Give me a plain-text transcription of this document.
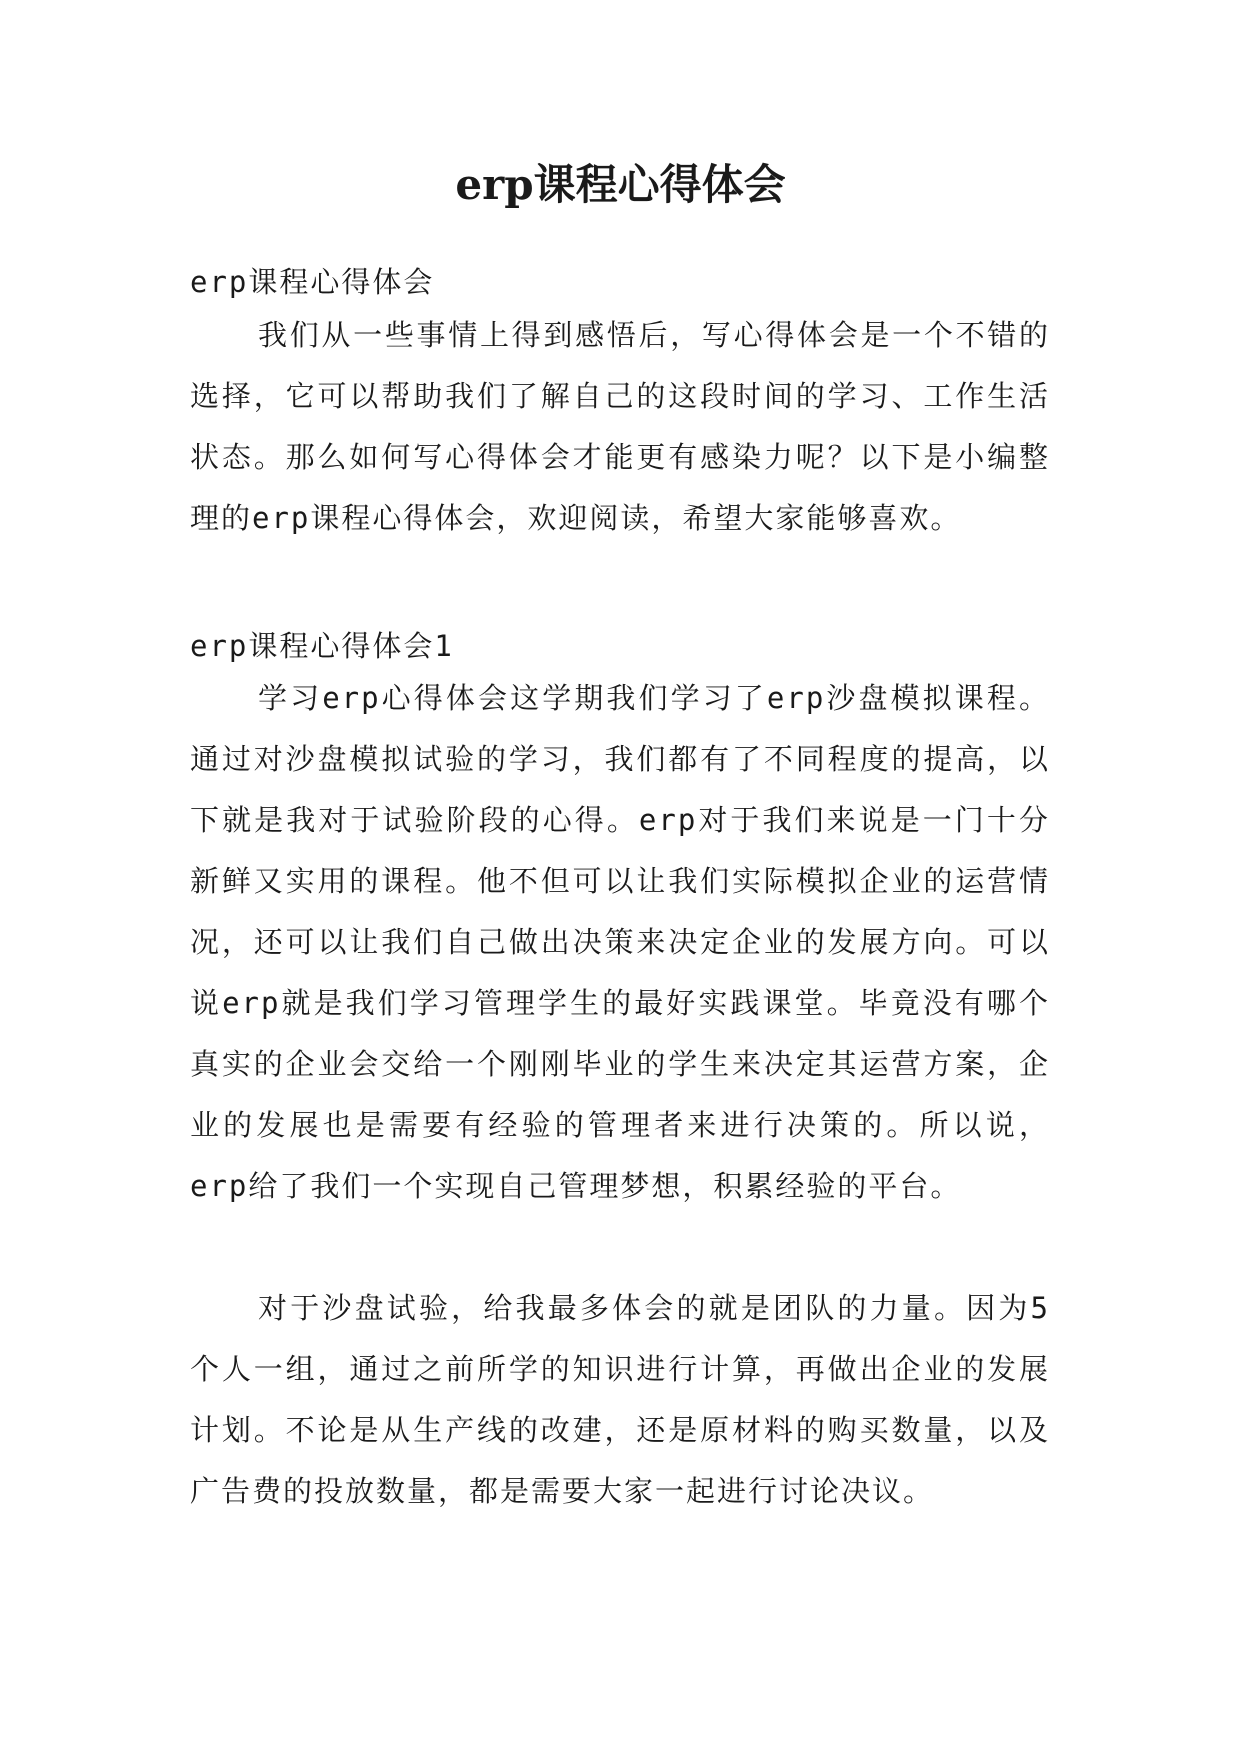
erp课程心得体会

erp课程心得体会

我们从一些事情上得到感悟后，写心得体会是一个不错的选择，它可以帮助我们了解自己的这段时间的学习、工作生活状态。那么如何写心得体会才能更有感染力呢？以下是小编整理的erp课程心得体会，欢迎阅读，希望大家能够喜欢。

erp课程心得体会1

学习erp心得体会这学期我们学习了erp沙盘模拟课程。通过对沙盘模拟试验的学习，我们都有了不同程度的提高，以下就是我对于试验阶段的心得。erp对于我们来说是一门十分新鲜又实用的课程。他不但可以让我们实际模拟企业的运营情况，还可以让我们自己做出决策来决定企业的发展方向。可以说erp就是我们学习管理学生的最好实践课堂。毕竟没有哪个真实的企业会交给一个刚刚毕业的学生来决定其运营方案，企业的发展也是需要有经验的管理者来进行决策的。所以说，erp给了我们一个实现自己管理梦想，积累经验的平台。

对于沙盘试验，给我最多体会的就是团队的力量。因为5个人一组，通过之前所学的知识进行计算，再做出企业的发展计划。不论是从生产线的改建，还是原材料的购买数量，以及广告费的投放数量，都是需要大家一起进行讨论决议。
